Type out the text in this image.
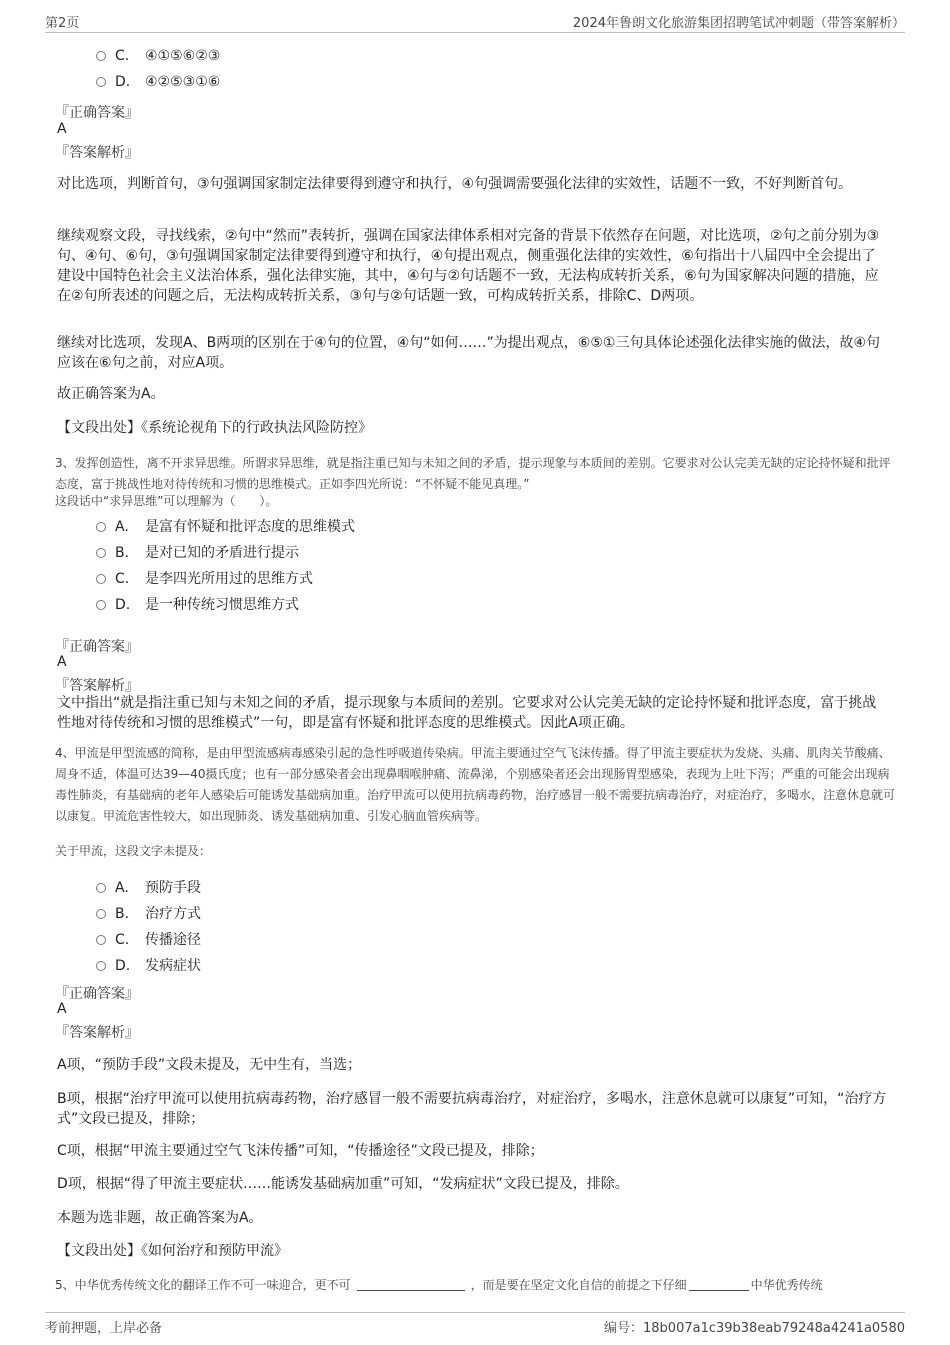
第2页	2024年鲁朗文化旅游集团招聘笔试冲刺题（带答案解析）
C. ④①⑤⑥②③
D. ④②⑤③①⑥
『正确答案』
A
『答案解析』
对比选项，判断首句，③句强调国家制定法律要得到遵守和执行，④句强调需要强化法律的实效性，话题不一致，不好判断首句。
继续观察文段，寻找线索，②句中“然而”表转折，强调在国家法律体系相对完备的背景下依然存在问题，对比选项，②句之前分别为③句、④句、⑥句，③句强调国家制定法律要得到遵守和执行，④句提出观点，侧重强化法律的实效性，⑥句指出十八届四中全会提出了建设中国特色社会主义法治体系，强化法律实施，其中，④句与②句话题不一致，无法构成转折关系，⑥句为国家解决问题的措施，应在②句所表述的问题之后，无法构成转折关系，③句与②句话题一致，可构成转折关系，排除C、D两项。
继续对比选项，发现A、B两项的区别在于④句的位置，④句“如何……”为提出观点，⑥⑤①三句具体论述强化法律实施的做法，故④句应该在⑥句之前，对应A项。
故正确答案为A。
【文段出处】《系统论视角下的行政执法风险防控》
3、发挥创造性，离不开求异思维。所谓求异思维，就是指注重已知与未知之间的矛盾，提示现象与本质间的差别。它要求对公认完美无缺的定论持怀疑和批评态度，富于挑战性地对待传统和习惯的思维模式。正如李四光所说：“不怀疑不能见真理。”
这段话中“求异思维”可以理解为（　　）。
A. 是富有怀疑和批评态度的思维模式
B. 是对已知的矛盾进行提示
C. 是李四光所用过的思维方式
D. 是一种传统习惯思维方式
『正确答案』
A
『答案解析』
文中指出“就是指注重已知与未知之间的矛盾，提示现象与本质间的差别。它要求对公认完美无缺的定论持怀疑和批评态度，富于挑战性地对待传统和习惯的思维模式”一句，即是富有怀疑和批评态度的思维模式。因此A项正确。
4、甲流是甲型流感的简称，是由甲型流感病毒感染引起的急性呼吸道传染病。甲流主要通过空气飞沫传播。得了甲流主要症状为发烧、头痛、肌肉关节酸痛、周身不适，体温可达39—40摄氏度；也有一部分感染者会出现鼻咽喉肿痛、流鼻涕，个别感染者还会出现肠胃型感染，表现为上吐下泻；严重的可能会出现病毒性肺炎，有基础病的老年人感染后可能诱发基础病加重。治疗甲流可以使用抗病毒药物，治疗感冒一般不需要抗病毒治疗，对症治疗，多喝水，注意休息就可以康复。甲流危害性较大，如出现肺炎、诱发基础病加重、引发心脑血管疾病等。
关于甲流，这段文字未提及：
A. 预防手段
B. 治疗方式
C. 传播途径
D. 发病症状
『正确答案』
A
『答案解析』
A项，“预防手段”文段未提及，无中生有，当选；
B项，根据“治疗甲流可以使用抗病毒药物，治疗感冒一般不需要抗病毒治疗，对症治疗，多喝水，注意休息就可以康复”可知，“治疗方式”文段已提及，排除；
C项，根据“甲流主要通过空气飞沫传播”可知，“传播途径”文段已提及，排除；
D项，根据“得了甲流主要症状……能诱发基础病加重”可知，“发病症状”文段已提及，排除。
本题为选非题，故正确答案为A。
【文段出处】《如何治疗和预防甲流》
5、中华优秀传统文化的翻译工作不可一味迎合，更不可	，而是要在坚定文化自信的前提之下仔细	中华优秀传统
考前押题，上岸必备	编号：18b007a1c39b38eab79248a4241a0580
